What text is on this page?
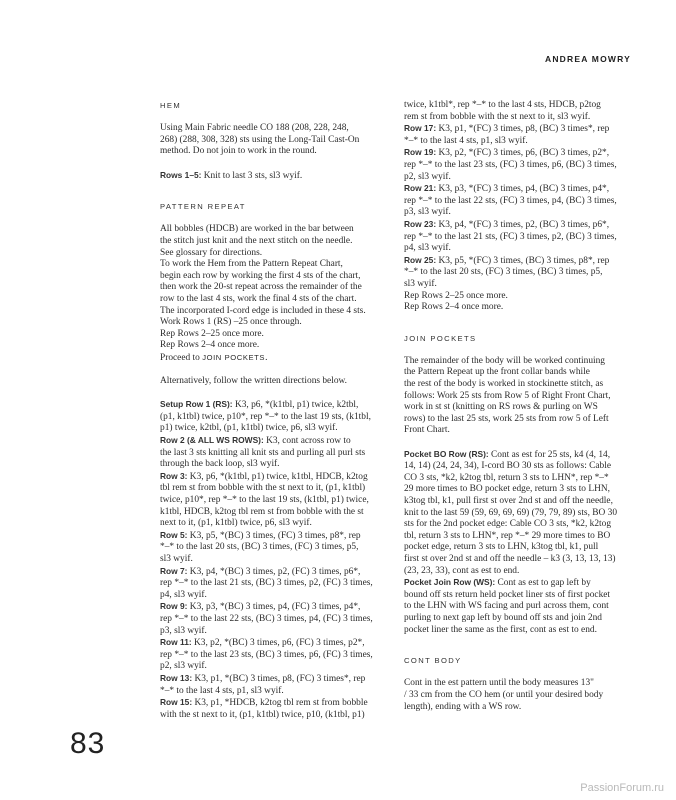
ANDREA MOWRY

HEM

Using Main Fabric needle CO 188 (208, 228, 248,

268) (288, 308, 328) sts using the Long-Tail Cast-On

method. Do not join to work in the round.

Rows 1–5: Knit to last 3 sts, sl3 wyif.

PATTERN REPEAT

All bobbles (HDCB) are worked in the bar between

the stitch just knit and the next stitch on the needle.

See glossary for directions.

To work the Hem from the Pattern Repeat Chart,

begin each row by working the first 4 sts of the chart,

then work the 20-st repeat across the remainder of the

row to the last 4 sts, work the final 4 sts of the chart.

The incorporated I-cord edge is included in these 4 sts.

Work Rows 1 (RS) –25 once through.

Rep Rows 2–25 once more.

Rep Rows 2–4 once more.

Proceed to JOIN POCKETS.

Alternatively, follow the written directions below.

Setup Row 1 (RS): K3, p6, *(k1tbl, p1) twice, k2tbl,

(p1, k1tbl) twice, p10*, rep *–* to the last 19 sts, (k1tbl,

p1) twice, k2tbl, (p1, k1tbl) twice, p6, sl3 wyif.

Row 2 (& ALL WS ROWS): K3, cont across row to

the last 3 sts knitting all knit sts and purling all purl sts

through the back loop, sl3 wyif.

Row 3: K3, p6, *(k1tbl, p1) twice, k1tbl, HDCB, k2tog

tbl rem st from bobble with the st next to it, (p1, k1tbl)

twice, p10*, rep *–* to the last 19 sts, (k1tbl, p1) twice,

k1tbl, HDCB, k2tog tbl rem st from bobble with the st

next to it, (p1, k1tbl) twice, p6, sl3 wyif.

Row 5: K3, p5, *(BC) 3 times, (FC) 3 times, p8*, rep

*–* to the last 20 sts, (BC) 3 times, (FC) 3 times, p5,

sl3 wyif.

Row 7: K3, p4, *(BC) 3 times, p2, (FC) 3 times, p6*,

rep *–* to the last 21 sts, (BC) 3 times, p2, (FC) 3 times,

p4, sl3 wyif.

Row 9: K3, p3, *(BC) 3 times, p4, (FC) 3 times, p4*,

rep *–* to the last 22 sts, (BC) 3 times, p4, (FC) 3 times,

p3, sl3 wyif.

Row 11: K3, p2, *(BC) 3 times, p6, (FC) 3 times, p2*,

rep *–* to the last 23 sts, (BC) 3 times, p6, (FC) 3 times,

p2, sl3 wyif.

Row 13: K3, p1, *(BC) 3 times, p8, (FC) 3 times*, rep

*–* to the last 4 sts, p1, sl3 wyif.

Row 15: K3, p1, *HDCB, k2tog tbl rem st from bobble

with the st next to it, (p1, k1tbl) twice, p10, (k1tbl, p1)

twice, k1tbl*, rep *–* to the last 4 sts, HDCB, p2tog

rem st from bobble with the st next to it, sl3 wyif.

Row 17: K3, p1, *(FC) 3 times, p8, (BC) 3 times*, rep

*–* to the last 4 sts, p1, sl3 wyif.

Row 19: K3, p2, *(FC) 3 times, p6, (BC) 3 times, p2*,

rep *–* to the last 23 sts, (FC) 3 times, p6, (BC) 3 times,

p2, sl3 wyif.

Row 21: K3, p3, *(FC) 3 times, p4, (BC) 3 times, p4*,

rep *–* to the last 22 sts, (FC) 3 times, p4, (BC) 3 times,

p3, sl3 wyif.

Row 23: K3, p4, *(FC) 3 times, p2, (BC) 3 times, p6*,

rep *–* to the last 21 sts, (FC) 3 times, p2, (BC) 3 times,

p4, sl3 wyif.

Row 25: K3, p5, *(FC) 3 times, (BC) 3 times, p8*, rep

*–* to the last 20 sts, (FC) 3 times, (BC) 3 times, p5,

sl3 wyif.

Rep Rows 2–25 once more.

Rep Rows 2–4 once more.

JOIN POCKETS

The remainder of the body will be worked continuing

the Pattern Repeat up the front collar bands while

the rest of the body is worked in stockinette stitch, as

follows: Work 25 sts from Row 5 of Right Front Chart,

work in st st (knitting on RS rows & purling on WS

rows) to the last 25 sts, work 25 sts from row 5 of Left

Front Chart.

Pocket BO Row (RS): Cont as est for 25 sts, k4 (4, 14,

14, 14) (24, 24, 34), I-cord BO 30 sts as follows: Cable

CO 3 sts, *k2, k2tog tbl, return 3 sts to LHN*, rep *–*

29 more times to BO pocket edge, return 3 sts to LHN,

k3tog tbl, k1, pull first st over 2nd st and off the needle,

knit to the last 59 (59, 69, 69, 69) (79, 79, 89) sts, BO 30

sts for the 2nd pocket edge: Cable CO 3 sts, *k2, k2tog

tbl, return 3 sts to LHN*, rep *–* 29 more times to BO

pocket edge, return 3 sts to LHN, k3tog tbl, k1, pull

first st over 2nd st and off the needle – k3 (3, 13, 13, 13)

(23, 23, 33), cont as est to end.

Pocket Join Row (WS): Cont as est to gap left by

bound off sts return held pocket liner sts of first pocket

to the LHN with WS facing and purl across them, cont

purling to next gap left by bound off sts and join 2nd

pocket liner the same as the first, cont as est to end.

CONT BODY

Cont in the est pattern until the body measures 13"

/ 33 cm from the CO hem (or until your desired body

length), ending with a WS row.

83
PassionForum.ru
